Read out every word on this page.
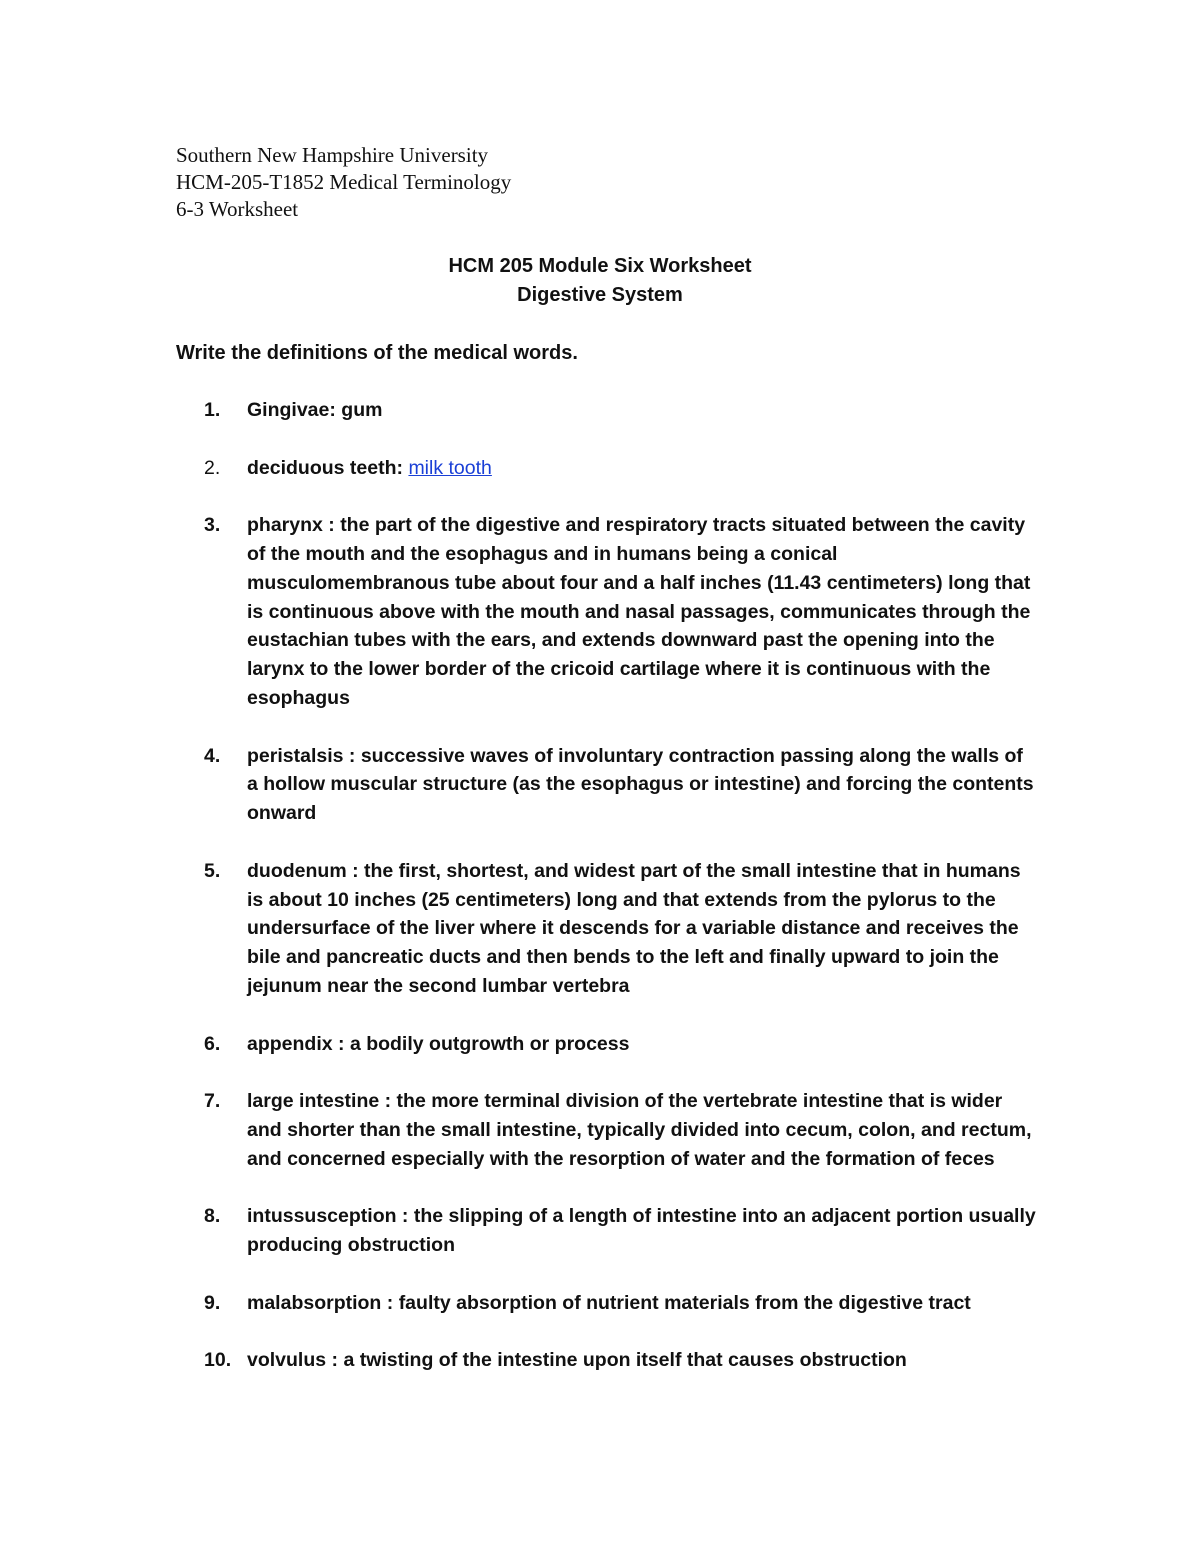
Southern New Hampshire University
HCM-205-T1852 Medical Terminology
6-3 Worksheet
HCM 205 Module Six Worksheet
Digestive System
Write the definitions of the medical words.
1.	Gingivae: gum
2.	deciduous teeth: milk tooth
3.	pharynx : the part of the digestive and respiratory tracts situated between the cavity of the mouth and the esophagus and in humans being a conical musculomembranous tube about four and a half inches (11.43 centimeters) long that is continuous above with the mouth and nasal passages, communicates through the eustachian tubes with the ears, and extends downward past the opening into the larynx to the lower border of the cricoid cartilage where it is continuous with the esophagus
4.	peristalsis : successive waves of involuntary contraction passing along the walls of a hollow muscular structure (as the esophagus or intestine) and forcing the contents onward
5.	duodenum : the first, shortest, and widest part of the small intestine that in humans is about 10 inches (25 centimeters) long and that extends from the pylorus to the undersurface of the liver where it descends for a variable distance and receives the bile and pancreatic ducts and then bends to the left and finally upward to join the jejunum near the second lumbar vertebra
6.	appendix : a bodily outgrowth or process
7.	large intestine : the more terminal division of the vertebrate intestine that is wider and shorter than the small intestine, typically divided into cecum, colon, and rectum, and concerned especially with the resorption of water and the formation of feces
8.	intussusception : the slipping of a length of intestine into an adjacent portion usually producing obstruction
9.	malabsorption : faulty absorption of nutrient materials from the digestive tract
10. volvulus : a twisting of the intestine upon itself that causes obstruction
